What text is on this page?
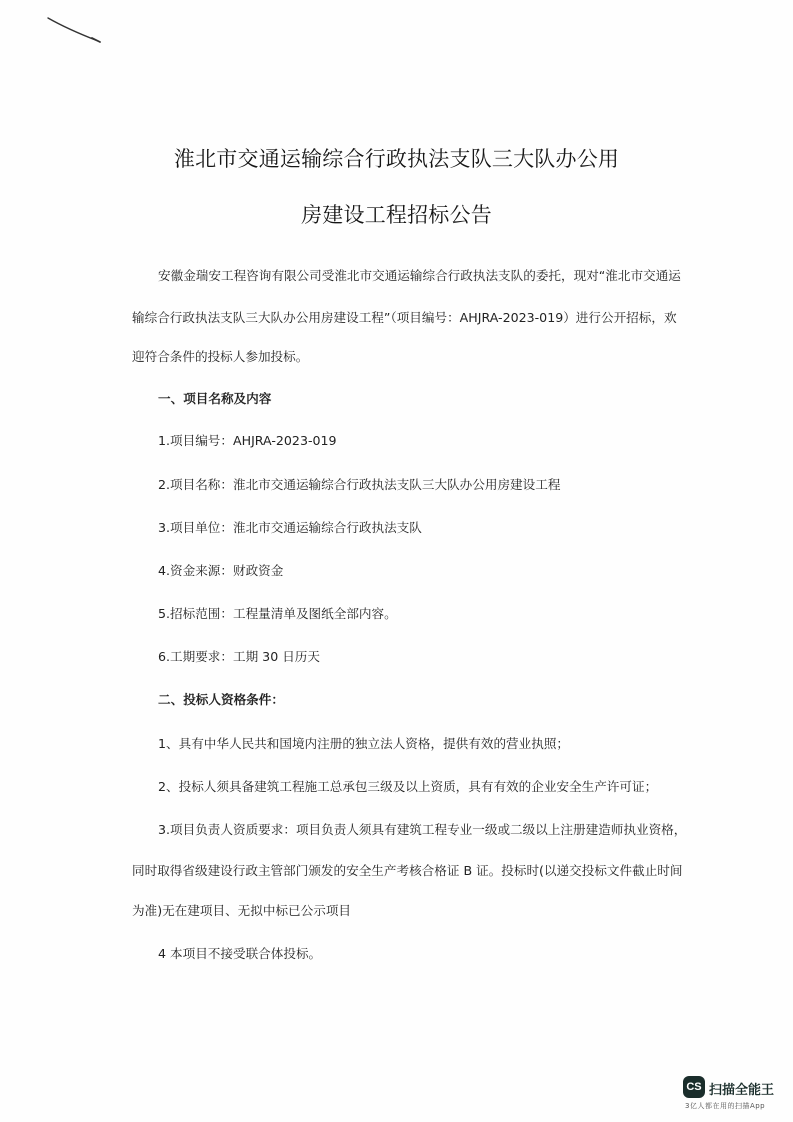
淮北市交通运输综合行政执法支队三大队办公用
房建设工程招标公告
安徽金瑞安工程咨询有限公司受淮北市交通运输综合行政执法支队的委托，现对“淮北市交通运
输综合行政执法支队三大队办公用房建设工程”（项目编号：AHJRA-2023-019）进行公开招标，欢
迎符合条件的投标人参加投标。
一、项目名称及内容
1.项目编号：AHJRA-2023-019
2.项目名称：淮北市交通运输综合行政执法支队三大队办公用房建设工程
3.项目单位：淮北市交通运输综合行政执法支队
4.资金来源：财政资金
5.招标范围：工程量清单及图纸全部内容。
6.工期要求：工期 30 日历天
二、投标人资格条件：
1、具有中华人民共和国境内注册的独立法人资格，提供有效的营业执照；
2、投标人须具备建筑工程施工总承包三级及以上资质，具有有效的企业安全生产许可证；
3.项目负责人资质要求：项目负责人须具有建筑工程专业一级或二级以上注册建造师执业资格，
同时取得省级建设行政主管部门颁发的安全生产考核合格证 B 证。投标时(以递交投标文件截止时间
为准)无在建项目、无拟中标已公示项目
4 本项目不接受联合体投标。
CS 扫描全能王
3亿人都在用的扫描App
